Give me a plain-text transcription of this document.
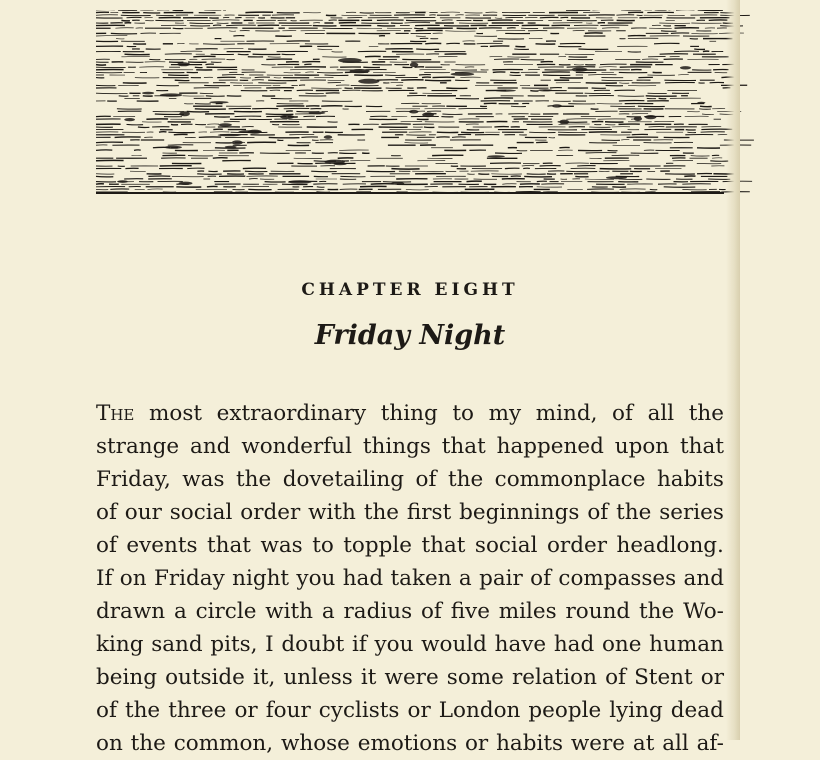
CHAPTER EIGHT
Friday Night
The most extraordinary thing to my mind, of all the
strange and wonderful things that happened upon that
Friday, was the dovetailing of the commonplace habits
of our social order with the first beginnings of the series
of events that was to topple that social order headlong.
If on Friday night you had taken a pair of compasses and
drawn a circle with a radius of five miles round the Wo-
king sand pits, I doubt if you would have had one human
being outside it, unless it were some relation of Stent or
of the three or four cyclists or London people lying dead
on the common, whose emotions or habits were at all af-
